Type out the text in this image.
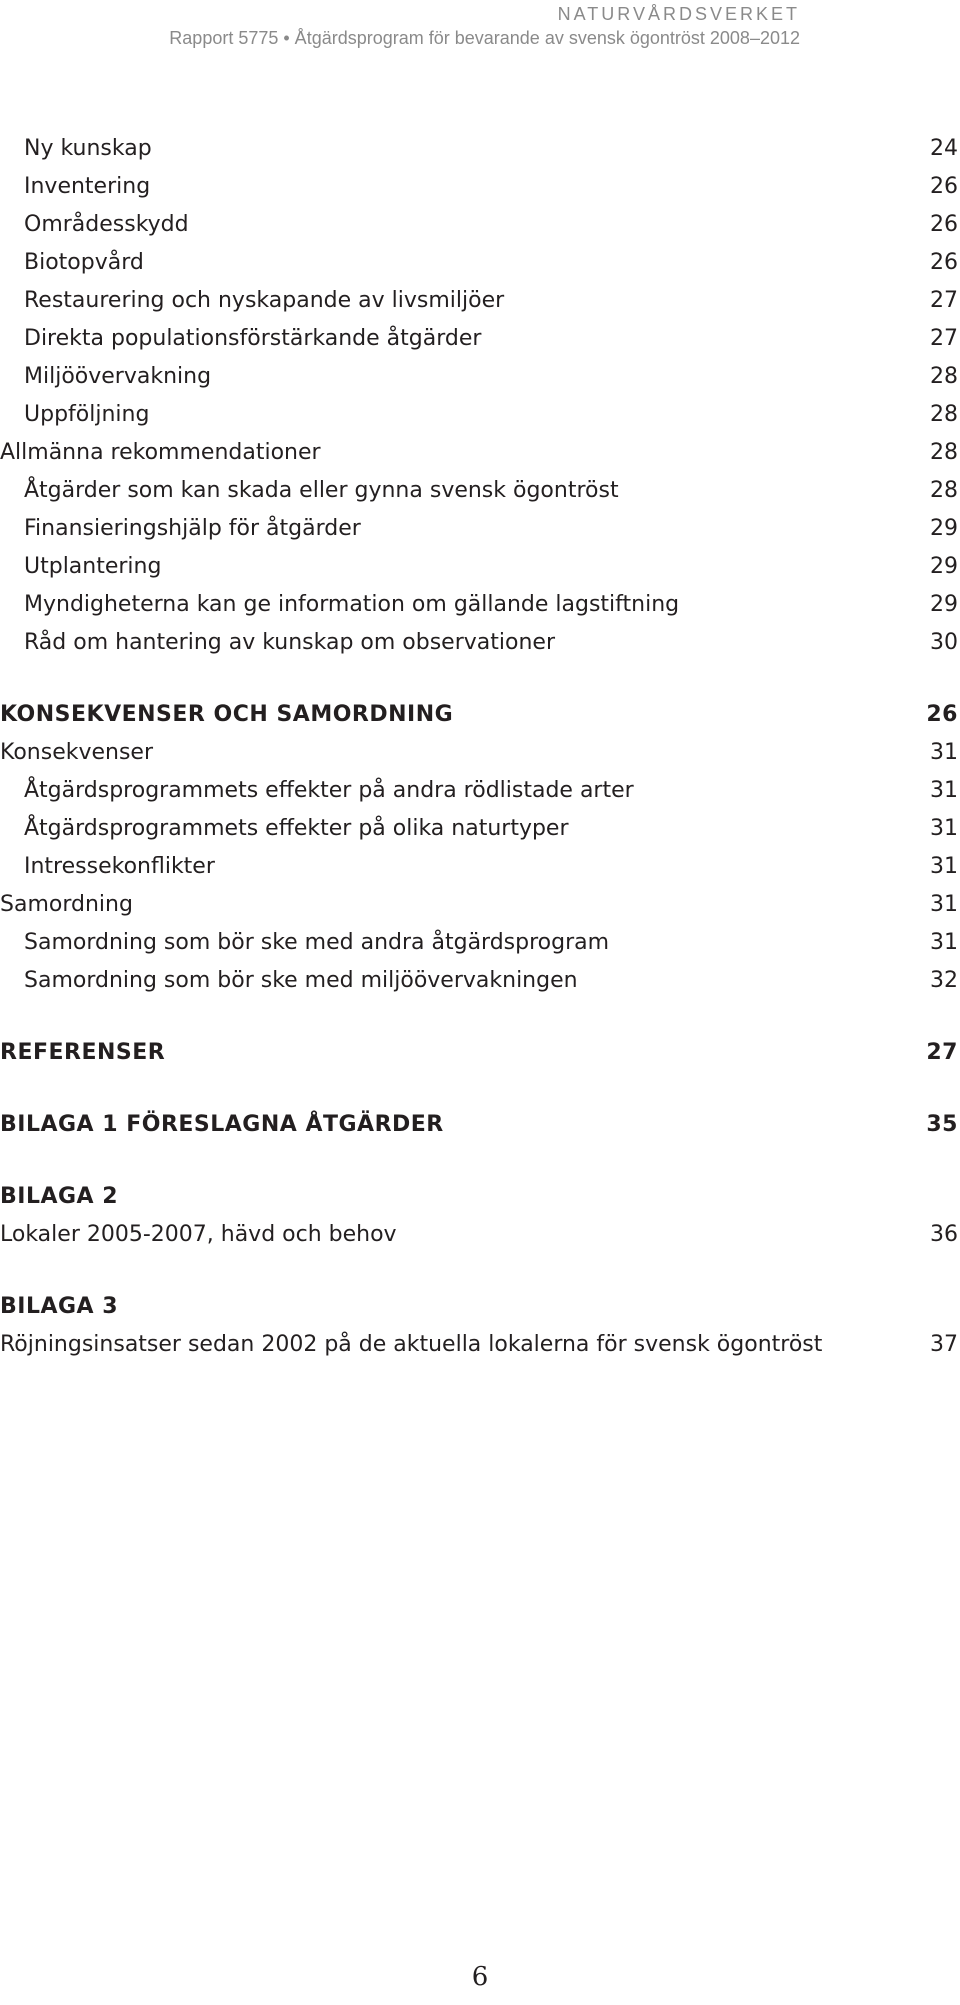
NATURVÅRDSVERKET
Rapport 5775 • Åtgärdsprogram för bevarande av svensk ögontröst 2008–2012
Ny kunskap	24
Inventering	26
Områdesskydd	26
Biotopvård	26
Restaurering och nyskapande av livsmiljöer	27
Direkta populationsförstärkande åtgärder	27
Miljöövervakning	28
Uppföljning	28
Allmänna rekommendationer	28
Åtgärder som kan skada eller gynna svensk ögontröst	28
Finansieringshjälp för åtgärder	29
Utplantering	29
Myndigheterna kan ge information om gällande lagstiftning	29
Råd om hantering av kunskap om observationer	30
KONSEKVENSER OCH SAMORDNING	26
Konsekvenser	31
Åtgärdsprogrammets effekter på andra rödlistade arter	31
Åtgärdsprogrammets effekter på olika naturtyper	31
Intressekonflikter	31
Samordning	31
Samordning som bör ske med andra åtgärdsprogram	31
Samordning som bör ske med miljöövervakningen	32
REFERENSER	27
BILAGA 1 FÖRESLAGNA ÅTGÄRDER	35
BILAGA 2
Lokaler 2005-2007, hävd och behov	36
BILAGA 3
Röjningsinsatser sedan 2002 på de aktuella lokalerna för svensk ögontröst	37
6
